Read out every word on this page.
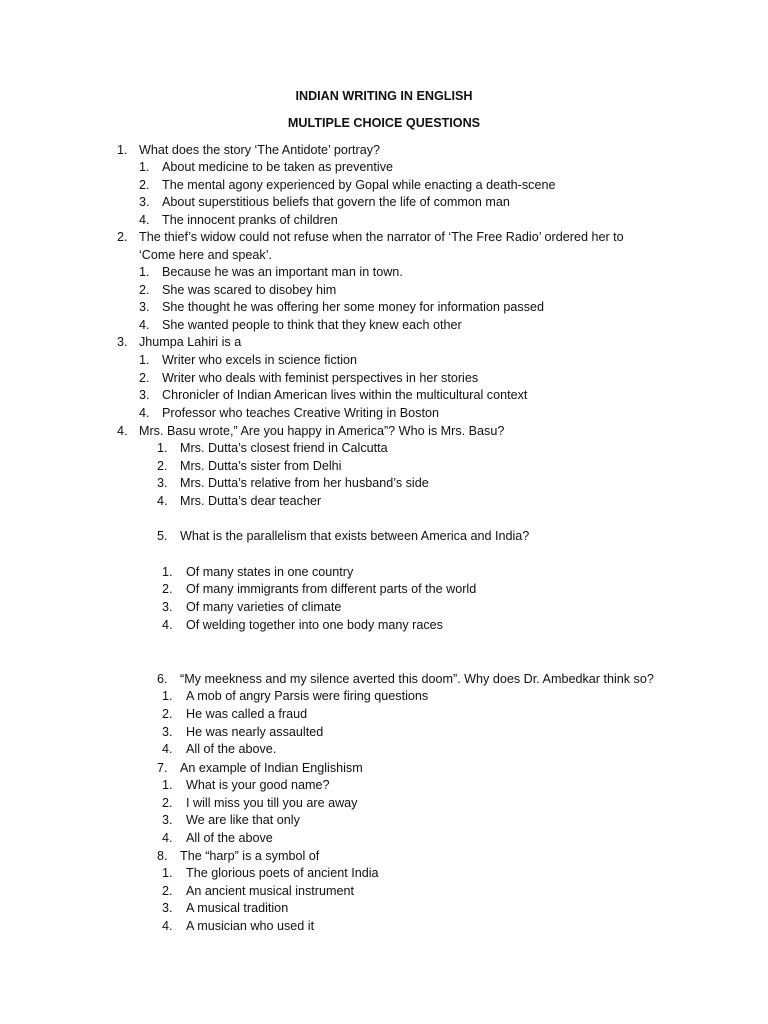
INDIAN WRITING IN ENGLISH
MULTIPLE CHOICE QUESTIONS
1. What does the story ‘The Antidote’ portray?
1. About medicine to be taken as preventive
2. The mental agony experienced by Gopal while enacting a death-scene
3. About superstitious beliefs that govern the life of common man
4. The innocent pranks of children
2. The thief’s widow could not refuse when the narrator of ‘The Free Radio’ ordered her to
‘Come here and speak’.
1. Because he was an important man in town.
2. She was scared to disobey him
3. She thought he was offering her some money for information passed
4. She wanted people to think that they knew each other
3. Jhumpa Lahiri is a
1. Writer who excels in science fiction
2. Writer who deals with feminist perspectives in her stories
3. Chronicler of Indian American lives within the multicultural context
4. Professor who teaches Creative Writing in Boston
4. Mrs. Basu wrote,” Are you happy in America”? Who is Mrs. Basu?
1. Mrs. Dutta’s closest friend in Calcutta
2. Mrs. Dutta’s sister from Delhi
3. Mrs. Dutta’s relative from her husband’s side
4. Mrs. Dutta’s dear teacher
5. What is the parallelism that exists between America and India?
1. Of many states in one country
2. Of many immigrants from different parts of the world
3. Of many varieties of climate
4. Of welding together into one body many races
6. “My meekness and my silence averted this doom”. Why does Dr. Ambedkar think so?
1. A mob of angry Parsis were firing questions
2. He was called a fraud
3. He was nearly assaulted
4. All of the above.
7. An example of Indian Englishism
1. What is your good name?
2. I will miss you till you are away
3. We are like that only
4. All of the above
8. The “harp” is a symbol of
1. The glorious poets of ancient India
2. An ancient musical instrument
3. A musical tradition
4. A musician who used it
